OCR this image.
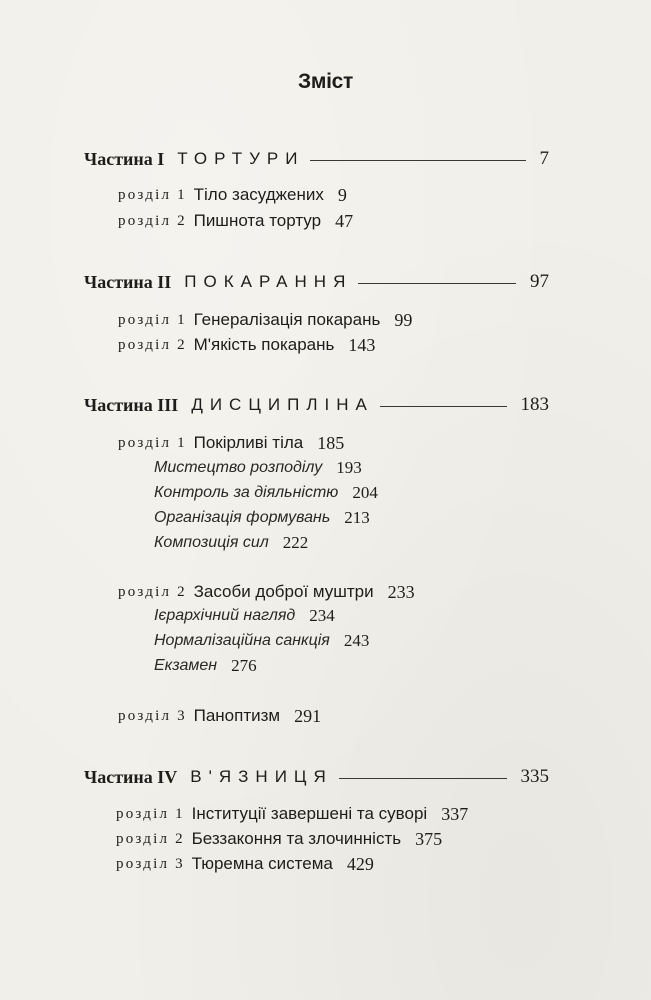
Зміст
Частина I ТОРТУРИ	7
розділ 1 Тіло засуджених 9
розділ 2 Пишнота тортур 47
Частина II ПОКАРАННЯ	97
розділ 1 Генералізація покарань 99
розділ 2 М'якість покарань 143
Частина III ДИСЦИПЛІНА	183
розділ 1 Покірливі тіла 185
Мистецтво розподілу 193
Контроль за діяльністю 204
Організація формувань 213
Композиція сил 222
розділ 2 Засоби доброї муштри 233
Ієрархічний нагляд 234
Нормалізаційна санкція 243
Екзамен 276
розділ 3 Паноптизм 291
Частина IV В'ЯЗНИЦЯ	335
розділ 1 Інституції завершені та суворі 337
розділ 2 Беззаконня та злочинність 375
розділ 3 Тюремна система 429
